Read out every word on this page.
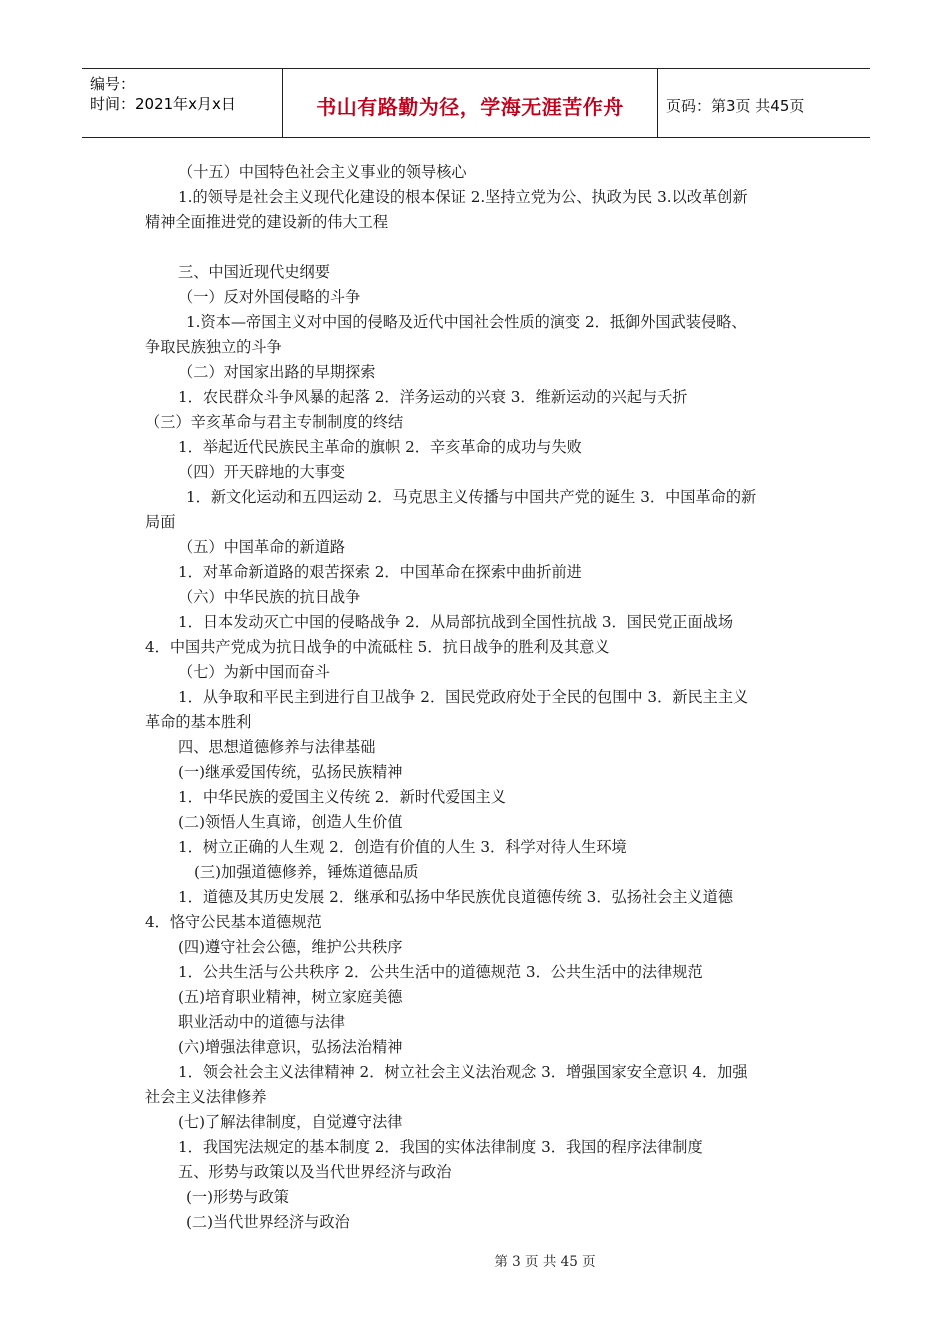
编号：
时间：2021年x月x日	书山有路勤为径，学海无涯苦作舟	页码：第3页 共45页
（十五）中国特色社会主义事业的领导核心
1.的领导是社会主义现代化建设的根本保证 2.坚持立党为公、执政为民 3.以改革创新
精神全面推进党的建设新的伟大工程
三、中国近现代史纲要
（一）反对外国侵略的斗争
1.资本—帝国主义对中国的侵略及近代中国社会性质的演变 2．抵御外国武装侵略、
争取民族独立的斗争
（二）对国家出路的早期探索
1．农民群众斗争风暴的起落 2．洋务运动的兴衰 3．维新运动的兴起与夭折
（三）辛亥革命与君主专制制度的终结
1．举起近代民族民主革命的旗帜 2．辛亥革命的成功与失败
（四）开天辟地的大事变
1．新文化运动和五四运动 2．马克思主义传播与中国共产党的诞生 3．中国革命的新
局面
（五）中国革命的新道路
1．对革命新道路的艰苦探索 2．中国革命在探索中曲折前进
（六）中华民族的抗日战争
1．日本发动灭亡中国的侵略战争 2．从局部抗战到全国性抗战 3．国民党正面战场
4．中国共产党成为抗日战争的中流砥柱 5．抗日战争的胜利及其意义
（七）为新中国而奋斗
1．从争取和平民主到进行自卫战争 2．国民党政府处于全民的包围中 3．新民主主义
革命的基本胜利
四、思想道德修养与法律基础
(一)继承爱国传统，弘扬民族精神
1．中华民族的爱国主义传统 2．新时代爱国主义
(二)领悟人生真谛，创造人生价值
1．树立正确的人生观 2．创造有价值的人生 3．科学对待人生环境
(三)加强道德修养，锤炼道德品质
1．道德及其历史发展 2．继承和弘扬中华民族优良道德传统 3．弘扬社会主义道德
4．恪守公民基本道德规范
(四)遵守社会公德，维护公共秩序
1．公共生活与公共秩序 2．公共生活中的道德规范 3．公共生活中的法律规范
(五)培育职业精神，树立家庭美德
职业活动中的道德与法律
(六)增强法律意识，弘扬法治精神
1．领会社会主义法律精神 2．树立社会主义法治观念 3．增强国家安全意识 4．加强
社会主义法律修养
(七)了解法律制度，自觉遵守法律
1．我国宪法规定的基本制度 2．我国的实体法律制度 3．我国的程序法律制度
五、形势与政策以及当代世界经济与政治
(一)形势与政策
(二)当代世界经济与政治
第 3 页 共 45 页
